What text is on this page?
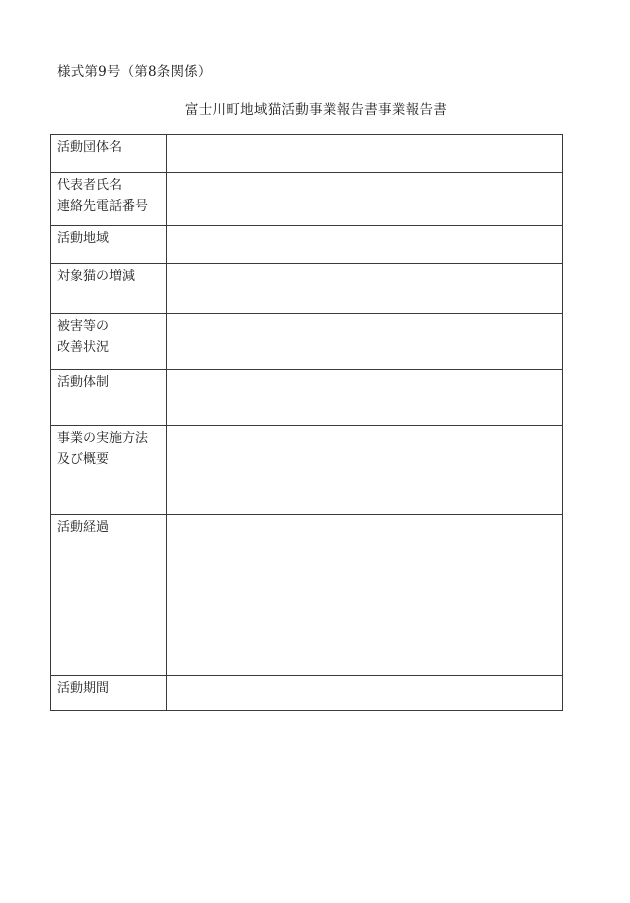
様式第9号（第8条関係）
富士川町地域猫活動事業報告書事業報告書
活動団体名	

代表者氏名
連絡先電話番号	

活動地域	

対象猫の増減	

被害等の
改善状況	

活動体制	

事業の実施方法
及び概要	

活動経過	

活動期間	
